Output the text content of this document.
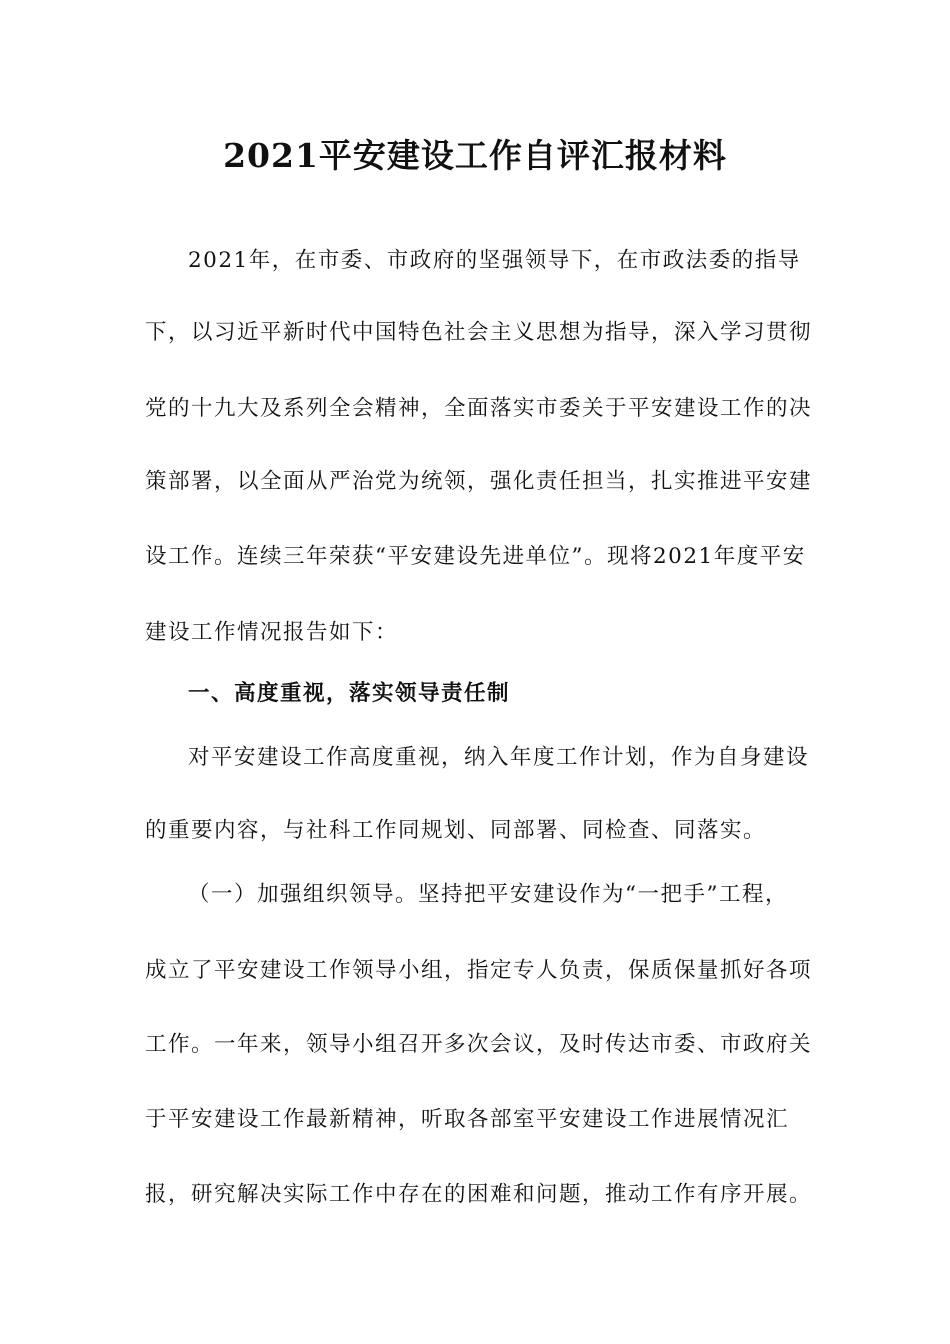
2021平安建设工作自评汇报材料
2021年，在市委、市政府的坚强领导下，在市政法委的指导
下，以习近平新时代中国特色社会主义思想为指导，深入学习贯彻
党的十九大及系列全会精神，全面落实市委关于平安建设工作的决
策部署，以全面从严治党为统领，强化责任担当，扎实推进平安建
设工作。连续三年荣获“平安建设先进单位”。现将2021年度平安
建设工作情况报告如下：
一、高度重视，落实领导责任制
对平安建设工作高度重视，纳入年度工作计划，作为自身建设
的重要内容，与社科工作同规划、同部署、同检查、同落实。
（一）加强组织领导。坚持把平安建设作为“一把手”工程，
成立了平安建设工作领导小组，指定专人负责，保质保量抓好各项
工作。一年来，领导小组召开多次会议，及时传达市委、市政府关
于平安建设工作最新精神，听取各部室平安建设工作进展情况汇
报，研究解决实际工作中存在的困难和问题，推动工作有序开展。
